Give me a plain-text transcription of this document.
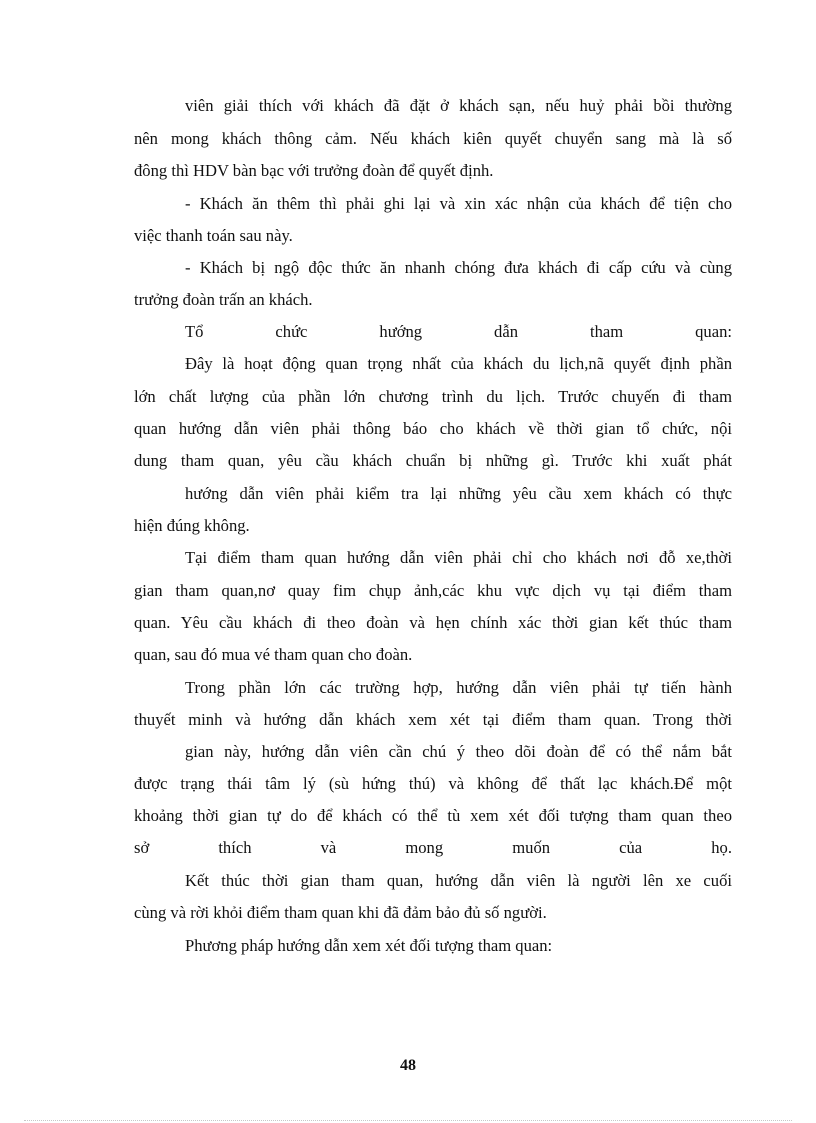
viên giải thích với khách đã đặt ở khách sạn, nếu huỷ phải bồi thường
nên mong khách thông cảm. Nếu khách kiên quyết chuyển sang mà là số
đông thì HDV bàn bạc với trưởng đoàn để quyết định.
- Khách ăn thêm thì phải ghi lại và xin xác nhận của khách để tiện cho
việc thanh toán sau này.
- Khách bị ngộ độc thức ăn nhanh chóng đưa khách đi cấp cứu và cùng
trưởng đoàn trấn an khách.
Tổ chức hướng dẫn tham quan:
Đây là hoạt động quan trọng nhất của khách du lịch,nã quyết định phần
lớn chất lượng của phần lớn chương trình du lịch. Trước chuyến đi tham
quan hướng dẫn viên phải thông báo cho khách về thời gian tổ chức, nội
dung tham quan, yêu cầu khách chuẩn bị những gì. Trước khi xuất phát
hướng dẫn viên phải kiểm tra lại những yêu cầu xem khách có thực
hiện đúng không.
Tại điểm tham quan hướng dẫn viên phải chỉ cho khách nơi đỗ xe,thời
gian tham quan,nơ quay fim chụp ảnh,các khu vực dịch vụ tại điểm tham
quan. Yêu cầu khách đi theo đoàn và hẹn chính xác thời gian kết thúc tham
quan, sau đó mua vé tham quan cho đoàn.
Trong phần lớn các trường hợp, hướng dẫn viên phải tự tiến hành
thuyết minh và hướng dẫn khách xem xét tại điểm tham quan. Trong thời
gian này, hướng dẫn viên cần chú ý theo dõi đoàn để có thể nắm bắt
được trạng thái tâm lý (sù hứng thú) và không để thất lạc khách.Để một
khoảng thời gian tự do để khách có thể tù xem xét đối tượng tham quan theo
sở thích và mong muốn của họ.
Kết thúc thời gian tham quan, hướng dẫn viên là người lên xe cuối
cùng và rời khỏi điểm tham quan khi đã đảm bảo đủ số người.
Phương pháp hướng dẫn xem xét đối tượng tham quan:
48
